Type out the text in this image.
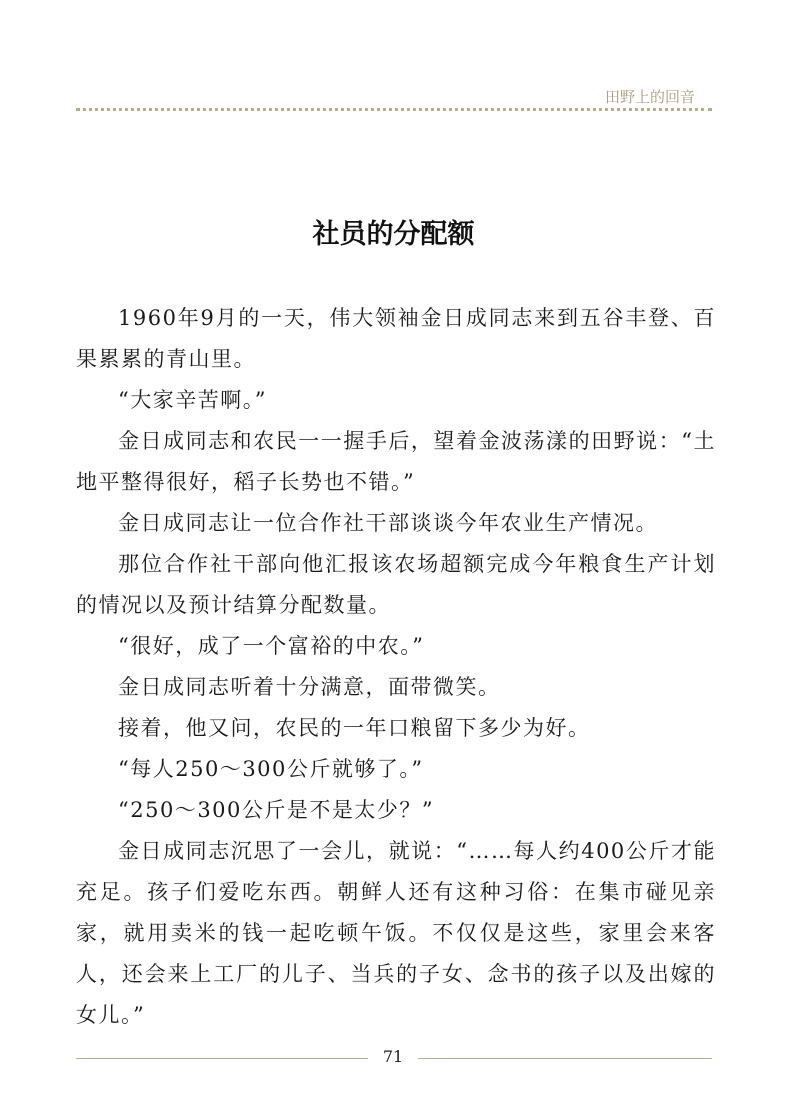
田野上的回音
社员的分配额

1960年9月的一天，伟大领袖金日成同志来到五谷丰登、百果累累的青山里。

“大家辛苦啊。”

金日成同志和农民一一握手后，望着金波荡漾的田野说：“土地平整得很好，稻子长势也不错。”

金日成同志让一位合作社干部谈谈今年农业生产情况。

那位合作社干部向他汇报该农场超额完成今年粮食生产计划的情况以及预计结算分配数量。

“很好，成了一个富裕的中农。”

金日成同志听着十分满意，面带微笑。

接着，他又问，农民的一年口粮留下多少为好。

“每人250～300公斤就够了。”

“250～300公斤是不是太少？”

金日成同志沉思了一会儿，就说：“……每人约400公斤才能充足。孩子们爱吃东西。朝鲜人还有这种习俗：在集市碰见亲家，就用卖米的钱一起吃顿午饭。不仅仅是这些，家里会来客人，还会来上工厂的儿子、当兵的子女、念书的孩子以及出嫁的女儿。”

71
